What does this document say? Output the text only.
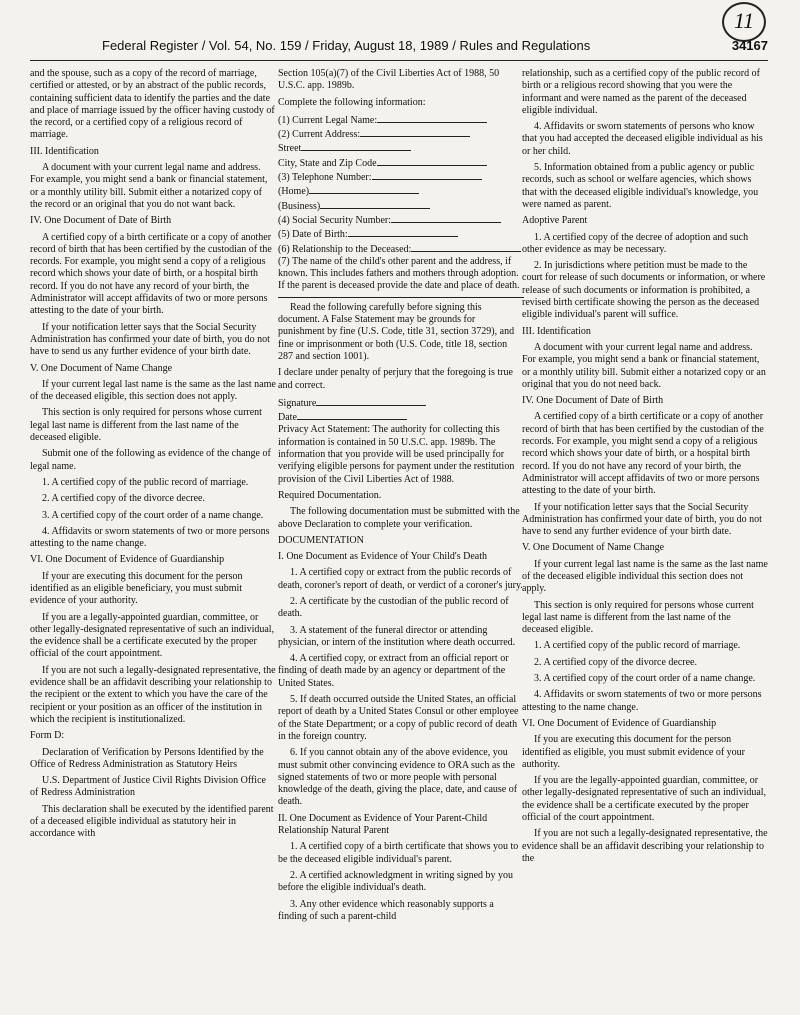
11
Federal Register / Vol. 54, No. 159 / Friday, August 18, 1989 / Rules and Regulations	34167
and the spouse, such as a copy of the record of marriage, certified or attested, or by an abstract of the public records, containing sufficient data to identify the parties and the date and place of marriage issued by the officer having custody of the record, or a certified copy of a religious record of marriage.
III. Identification
A document with your current legal name and address. For example, you might send a bank or financial statement, or a monthly utility bill. Submit either a notarized copy of the record or an original that you do not want back.
IV. One Document of Date of Birth
A certified copy of a birth certificate or a copy of another record of birth that has been certified by the custodian of the records. For example, you might send a copy of a religious record which shows your date of birth, or a hospital birth record. If you do not have any record of your birth, the Administrator will accept affidavits of two or more persons attesting to the date of your birth.
If your notification letter says that the Social Security Administration has confirmed your date of birth, you do not have to send us any further evidence of your birth date.
V. One Document of Name Change
If your current legal last name is the same as the last name of the deceased eligible, this section does not apply.
This section is only required for persons whose current legal last name is different from the last name of the deceased eligible.
Submit one of the following as evidence of the change of legal name.
1. A certified copy of the public record of marriage.
2. A certified copy of the divorce decree.
3. A certified copy of the court order of a name change.
4. Affidavits or sworn statements of two or more persons attesting to the name change.
VI. One Document of Evidence of Guardianship
If your are executing this document for the person identified as an eligible beneficiary, you must submit evidence of your authority.
If you are a legally-appointed guardian, committee, or other legally-designated representative of such an individual, the evidence shall be a certificate executed by the proper official of the court appointment.
If you are not such a legally-designated representative, the evidence shall be an affidavit describing your relationship to the recipient or the extent to which you have the care of the recipient or your position as an officer of the institution in which the recipient is institutionalized.
Form D:
Declaration of Verification by Persons Identified by the Office of Redress Administration as Statutory Heirs
U.S. Department of Justice Civil Rights Division Office of Redress Administration
This declaration shall be executed by the identified parent of a deceased eligible individual as statutory heir in accordance with
Section 105(a)(7) of the Civil Liberties Act of 1988, 50 U.S.C. app. 1989b.
Complete the following information:
(1) Current Legal Name:
(2) Current Address:
Street
City, State and Zip Code
(3) Telephone Number:
(Home)
(Business)
(4) Social Security Number:
(5) Date of Birth:
(6) Relationship to the Deceased:
(7) The name of the child's other parent and the address, if known. This includes fathers and mothers through adoption. If the parent is deceased provide the date and place of death.
Read the following carefully before signing this document. A False Statement may be grounds for punishment by fine (U.S. Code, title 31, section 3729), and fine or imprisonment or both (U.S. Code, title 18, section 287 and section 1001).
I declare under penalty of perjury that the foregoing is true and correct.
Signature
Date
Privacy Act Statement: The authority for collecting this information is contained in 50 U.S.C. app. 1989b. The information that you provide will be used principally for verifying eligible persons for payment under the restitution provision of the Civil Liberties Act of 1988.
Required Documentation.
The following documentation must be submitted with the above Declaration to complete your verification.
DOCUMENTATION
I. One Document as Evidence of Your Child's Death
1. A certified copy or extract from the public records of death, coroner's report of death, or verdict of a coroner's jury.
2. A certificate by the custodian of the public record of death.
3. A statement of the funeral director or attending physician, or intern of the institution where death occurred.
4. A certified copy, or extract from an official report or finding of death made by an agency or department of the United States.
5. If death occurred outside the United States, an official report of death by a United States Consul or other employee of the State Department; or a copy of public record of death in the foreign country.
6. If you cannot obtain any of the above evidence, you must submit other convincing evidence to ORA such as the signed statements of two or more people with personal knowledge of the death, giving the place, date, and cause of death.
II. One Document as Evidence of Your Parent-Child Relationship Natural Parent
1. A certified copy of a birth certificate that shows you to be the deceased eligible individual's parent.
2. A certified acknowledgment in writing signed by you before the eligible individual's death.
3. Any other evidence which reasonably supports a finding of such a parent-child
relationship, such as a certified copy of the public record of birth or a religious record showing that you were the informant and were named as the parent of the deceased eligible individual.
4. Affidavits or sworn statements of persons who know that you had accepted the deceased eligible individual as his or her child.
5. Information obtained from a public agency or public records, such as school or welfare agencies, which shows that with the deceased eligible individual's knowledge, you were named as parent.
Adoptive Parent
1. A certified copy of the decree of adoption and such other evidence as may be necessary.
2. In jurisdictions where petition must be made to the court for release of such documents or information, or where release of such documents or information is prohibited, a revised birth certificate showing the person as the deceased eligible individual's parent will suffice.
III. Identification
A document with your current legal name and address. For example, you might send a bank or financial statement, or a monthly utility bill. Submit either a notarized copy or an original that you do not need back.
IV. One Document of Date of Birth
A certified copy of a birth certificate or a copy of another record of birth that has been certified by the custodian of the records. For example, you might send a copy of a religious record which shows your date of birth, or a hospital birth record. If you do not have any record of your birth, the Administrator will accept affidavits of two or more persons attesting to the date of your birth.
If your notification letter says that the Social Security Administration has confirmed your date of birth, you do not have to send any further evidence of your birth date.
V. One Document of Name Change
If your current legal last name is the same as the last name of the deceased eligible individual this section does not apply.
This section is only required for persons whose current legal last name is different from the last name of the deceased eligible.
1. A certified copy of the public record of marriage.
2. A certified copy of the divorce decree.
3. A certified copy of the court order of a name change.
4. Affidavits or sworn statements of two or more persons attesting to the name change.
VI. One Document of Evidence of Guardianship
If you are executing this document for the person identified as eligible, you must submit evidence of your authority.
If you are the legally-appointed guardian, committee, or other legally-designated representative of such an individual, the evidence shall be a certificate executed by the proper official of the court appointment.
If you are not such a legally-designated representative, the evidence shall be an affidavit describing your relationship to the
